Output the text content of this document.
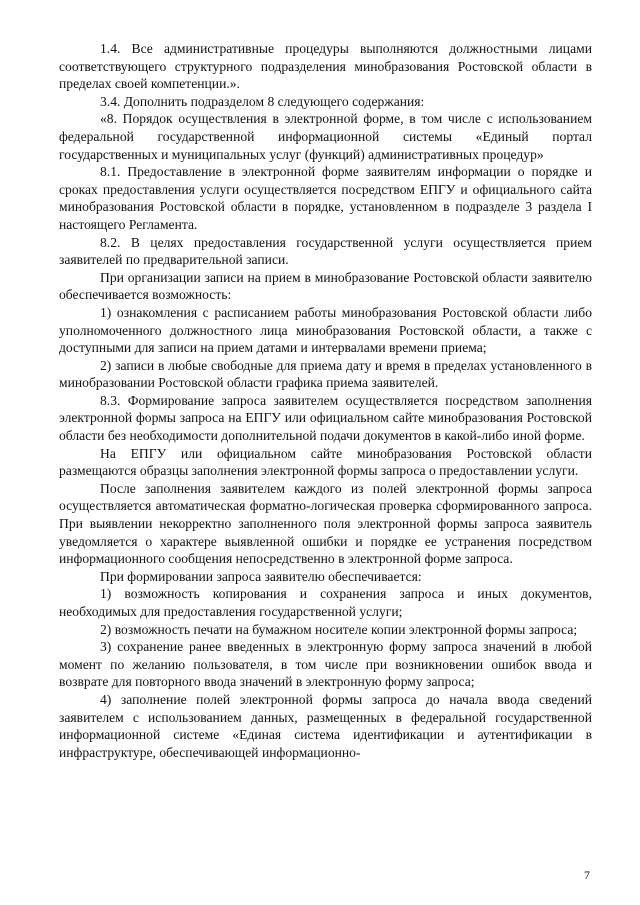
1.4. Все административные процедуры выполняются должностными лицами соответствующего структурного подразделения минобразования Ростовской области в пределах своей компетенции.».

3.4. Дополнить подразделом 8 следующего содержания:

«8. Порядок осуществления в электронной форме, в том числе с использованием федеральной государственной информационной системы «Единый портал государственных и муниципальных услуг (функций) административных процедур»

8.1. Предоставление в электронной форме заявителям информации о порядке и сроках предоставления услуги осуществляется посредством ЕПГУ и официального сайта минобразования Ростовской области в порядке, установленном в подразделе 3 раздела I настоящего Регламента.

8.2. В целях предоставления государственной услуги осуществляется прием заявителей по предварительной записи.

При организации записи на прием в минобразование Ростовской области заявителю обеспечивается возможность:

1) ознакомления с расписанием работы минобразования Ростовской области либо уполномоченного должностного лица минобразования Ростовской области, а также с доступными для записи на прием датами и интервалами времени приема;

2) записи в любые свободные для приема дату и время в пределах установленного в минобразовании Ростовской области графика приема заявителей.

8.3. Формирование запроса заявителем осуществляется посредством заполнения электронной формы запроса на ЕПГУ или официальном сайте минобразования Ростовской области без необходимости дополнительной подачи документов в какой-либо иной форме.

На ЕПГУ или официальном сайте минобразования Ростовской области размещаются образцы заполнения электронной формы запроса о предоставлении услуги.

После заполнения заявителем каждого из полей электронной формы запроса осуществляется автоматическая форматно-логическая проверка сформированного запроса. При выявлении некорректно заполненного поля электронной формы запроса заявитель уведомляется о характере выявленной ошибки и порядке ее устранения посредством информационного сообщения непосредственно в электронной форме запроса.

При формировании запроса заявителю обеспечивается:

1) возможность копирования и сохранения запроса и иных документов, необходимых для предоставления государственной услуги;

2) возможность печати на бумажном носителе копии электронной формы запроса;

3) сохранение ранее введенных в электронную форму запроса значений в любой момент по желанию пользователя, в том числе при возникновении ошибок ввода и возврате для повторного ввода значений в электронную форму запроса;

4) заполнение полей электронной формы запроса до начала ввода сведений заявителем с использованием данных, размещенных в федеральной государственной информационной системе «Единая система идентификации и аутентификации в инфраструктуре, обеспечивающей информационно-

7
